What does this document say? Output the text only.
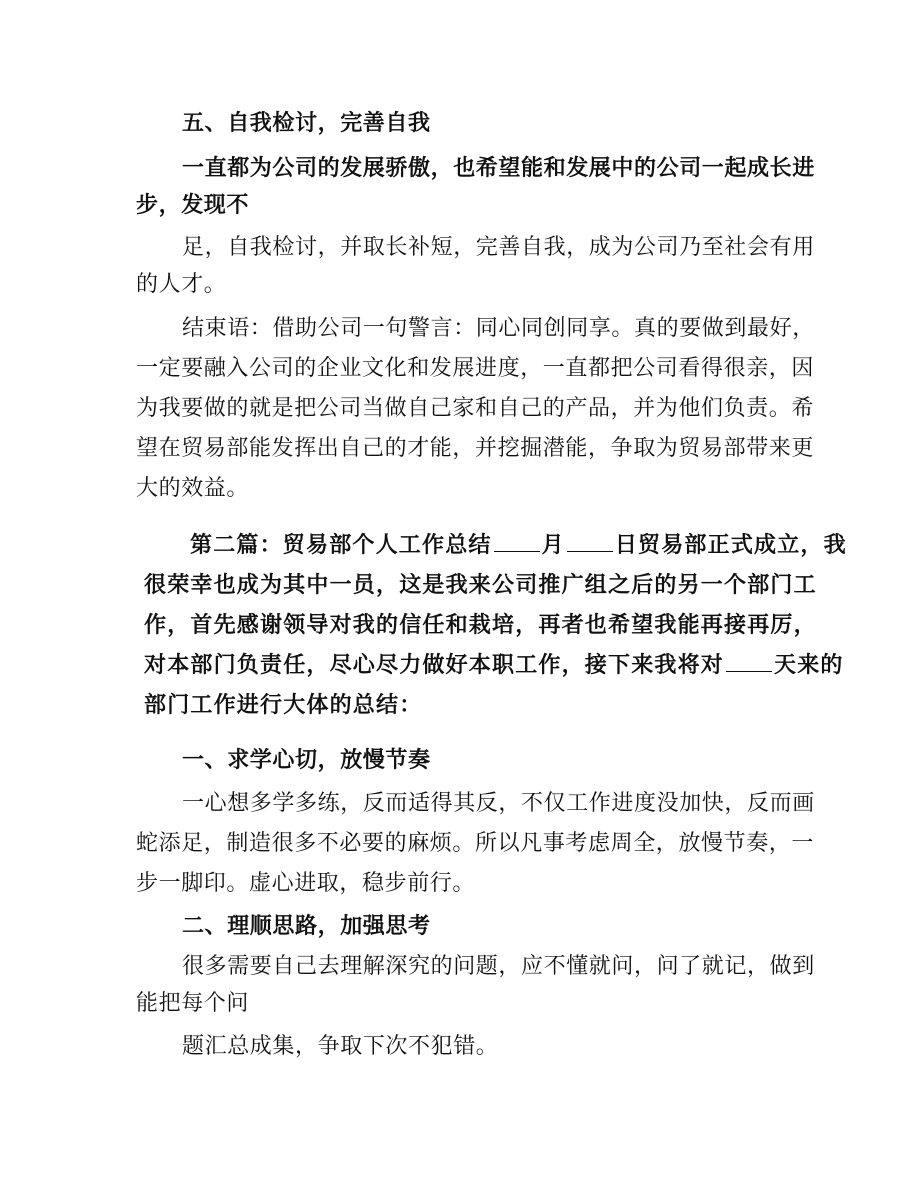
五、自我检讨，完善自我
一直都为公司的发展骄傲，也希望能和发展中的公司一起成长进
步，发现不
足，自我检讨，并取长补短，完善自我，成为公司乃至社会有用
的人才。
结束语：借助公司一句警言：同心同创同享。真的要做到最好，
一定要融入公司的企业文化和发展进度，一直都把公司看得很亲，因
为我要做的就是把公司当做自己家和自己的产品，并为他们负责。希
望在贸易部能发挥出自己的才能，并挖掘潜能，争取为贸易部带来更
大的效益。
第二篇：贸易部个人工作总结 月 日贸易部正式成立，我
很荣幸也成为其中一员，这是我来公司推广组之后的另一个部门工
作，首先感谢领导对我的信任和栽培，再者也希望我能再接再厉，
对本部门负责任，尽心尽力做好本职工作，接下来我将对 天来的
部门工作进行大体的总结：
一、求学心切，放慢节奏
一心想多学多练，反而适得其反，不仅工作进度没加快，反而画
蛇添足，制造很多不必要的麻烦。所以凡事考虑周全，放慢节奏，一
步一脚印。虚心进取，稳步前行。
二、理顺思路，加强思考
很多需要自己去理解深究的问题，应不懂就问，问了就记，做到
能把每个问
题汇总成集，争取下次不犯错。
